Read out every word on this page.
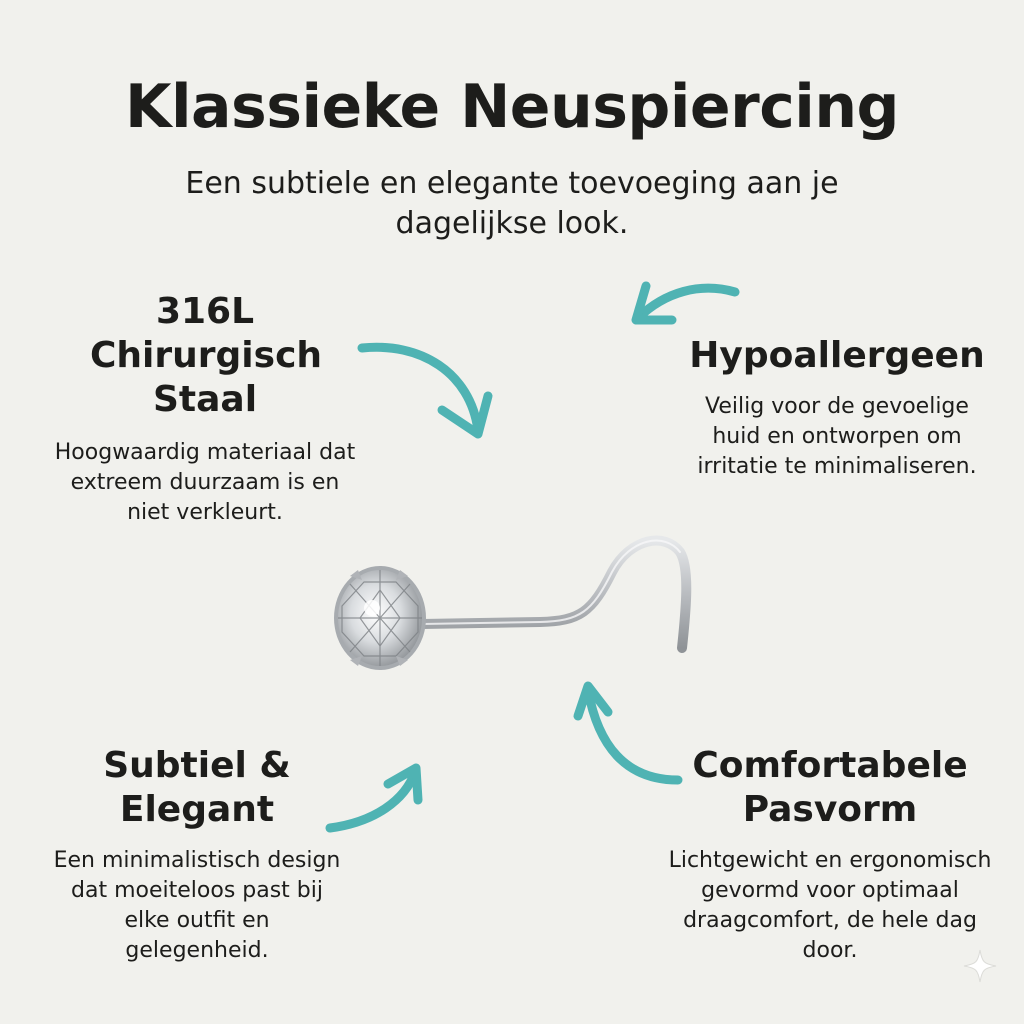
Klassieke Neuspiercing

Een subtiele en elegante toevoeging aan je dagelijkse look.

316L Chirurgisch Staal

Hoogwaardig materiaal dat extreem duurzaam is en niet verkleurt.

Hypoallergeen

Veilig voor de gevoelige huid en ontworpen om irritatie te minimaliseren.

Subtiel & Elegant

Een minimalistisch design dat moeiteloos past bij elke outfit en gelegenheid.

Comfortabele Pasvorm

Lichtgewicht en ergonomisch gevormd voor optimaal draagcomfort, de hele dag door.
